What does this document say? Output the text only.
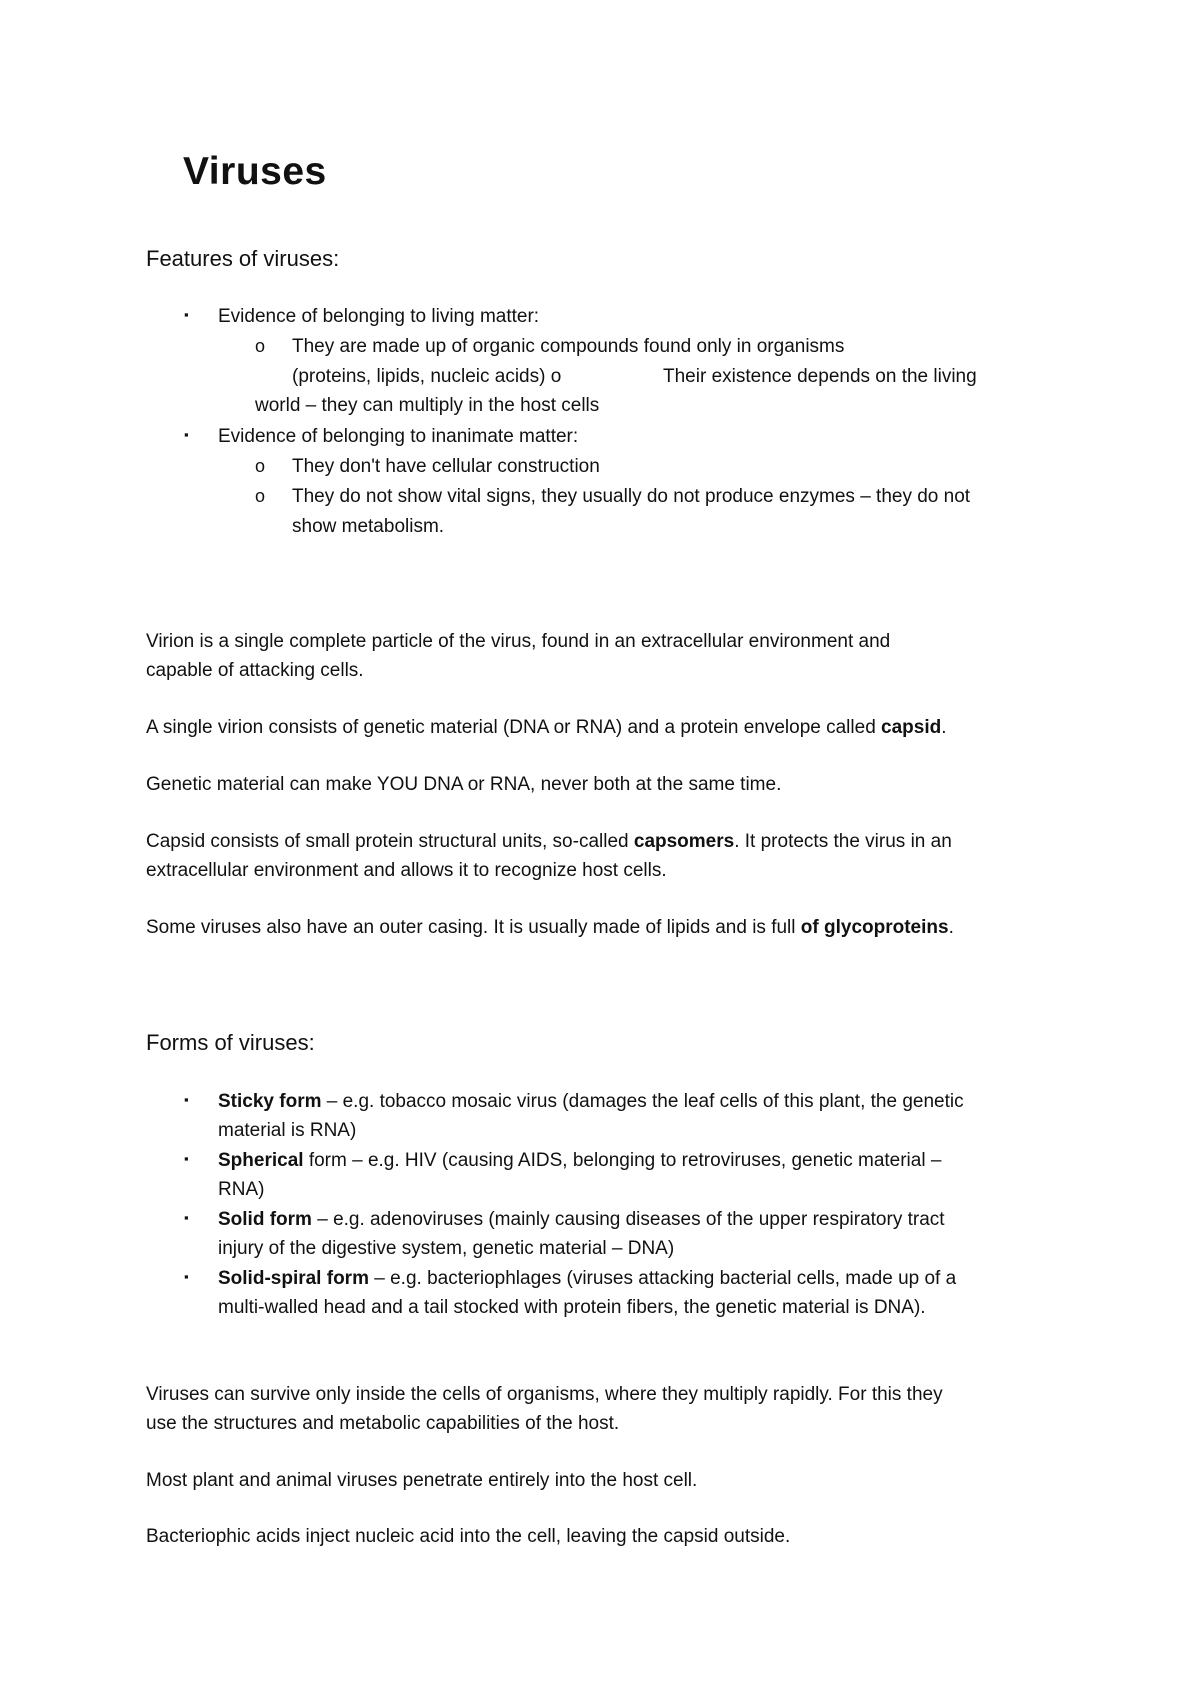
Viruses
Features of viruses:
▪ Evidence of belonging to living matter:
o They are made up of organic compounds found only in organisms
(proteins, lipids, nucleic acids) o	Their existence depends on the living
world – they can multiply in the host cells
▪ Evidence of belonging to inanimate matter:
o They don't have cellular construction
o They do not show vital signs, they usually do not produce enzymes – they do not
show metabolism.
Virion is a single complete particle of the virus, found in an extracellular environment and
capable of attacking cells.
A single virion consists of genetic material (DNA or RNA) and a protein envelope called capsid.
Genetic material can make YOU DNA or RNA, never both at the same time.
Capsid consists of small protein structural units, so-called capsomers. It protects the virus in an
extracellular environment and allows it to recognize host cells.
Some viruses also have an outer casing. It is usually made of lipids and is full of glycoproteins.
Forms of viruses:
▪ Sticky form – e.g. tobacco mosaic virus (damages the leaf cells of this plant, the genetic
material is RNA)
▪ Spherical form – e.g. HIV (causing AIDS, belonging to retroviruses, genetic material –
RNA)
▪ Solid form – e.g. adenoviruses (mainly causing diseases of the upper respiratory tract
injury of the digestive system, genetic material – DNA)
▪ Solid-spiral form – e.g. bacteriophlages (viruses attacking bacterial cells, made up of a
multi-walled head and a tail stocked with protein fibers, the genetic material is DNA).
Viruses can survive only inside the cells of organisms, where they multiply rapidly. For this they
use the structures and metabolic capabilities of the host.
Most plant and animal viruses penetrate entirely into the host cell.
Bacteriophic acids inject nucleic acid into the cell, leaving the capsid outside.
